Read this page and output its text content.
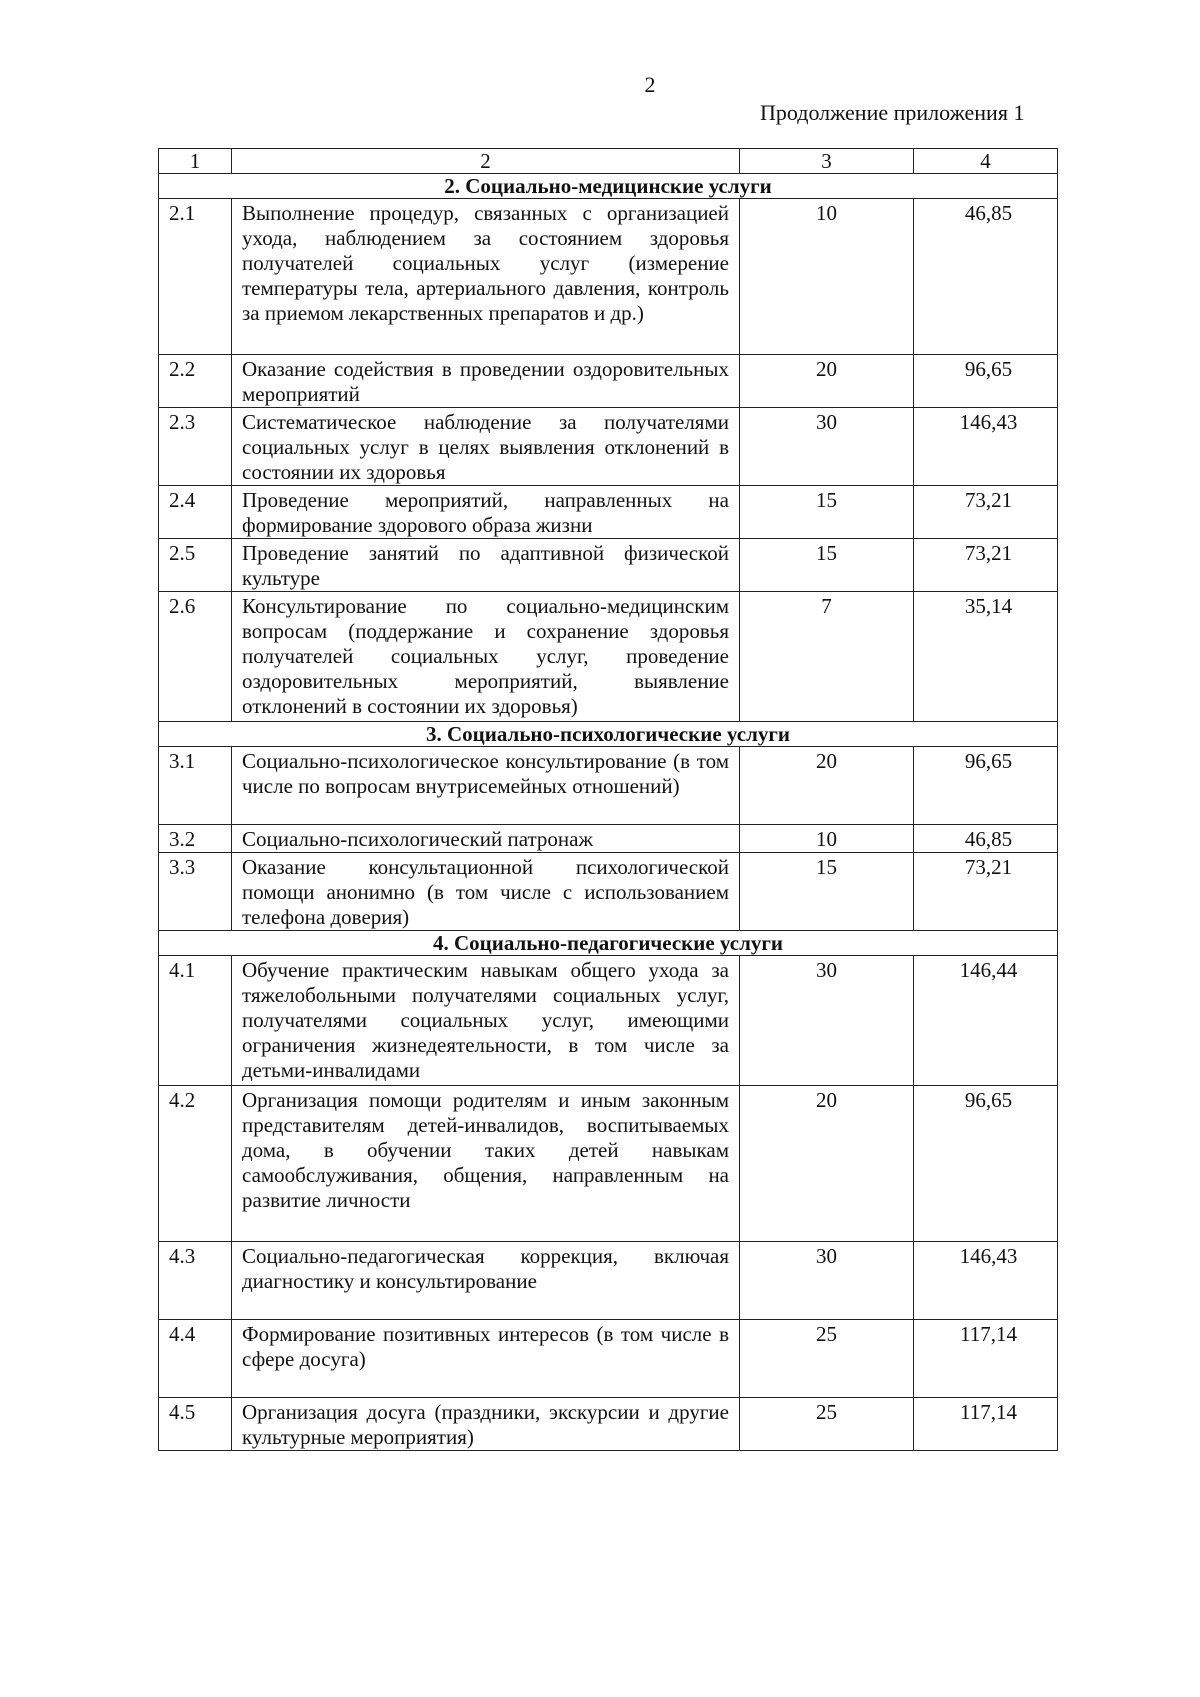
2
Продолжение приложения 1
1	2	3	4
2. Социально-медицинские услуги			
2.1	Выполнение процедур, связанных с организацией ухода, наблюдением за состоянием здоровья получателей социальных услуг (измерение температуры тела, артериального давления, контроль за приемом лекарственных препаратов и др.)	10	46,85
2.2	Оказание содействия в проведении оздоровительных мероприятий	20	96,65
2.3	Систематическое наблюдение за получателями социальных услуг в целях выявления отклонений в состоянии их здоровья	30	146,43
2.4	Проведение мероприятий, направленных на формирование здорового образа жизни	15	73,21
2.5	Проведение занятий по адаптивной физической культуре	15	73,21
2.6	Консультирование по социально-медицинским вопросам (поддержание и сохранение здоровья получателей социальных услуг, проведение оздоровительных мероприятий, выявление отклонений в состоянии их здоровья)	7	35,14
3. Социально-психологические услуги			
3.1	Социально-психологическое консультирование (в том числе по вопросам внутрисемейных отношений)	20	96,65
3.2	Социально-психологический патронаж	10	46,85
3.3	Оказание консультационной психологической помощи анонимно (в том числе с использованием телефона доверия)	15	73,21
4. Социально-педагогические услуги			
4.1	Обучение практическим навыкам общего ухода за тяжелобольными получателями социальных услуг, получателями социальных услуг, имеющими ограничения жизнедеятельности, в том числе за детьми-инвалидами	30	146,44
4.2	Организация помощи родителям и иным законным представителям детей-инвалидов, воспитываемых дома, в обучении таких детей навыкам самообслуживания, общения, направленным на развитие личности	20	96,65
4.3	Социально-педагогическая коррекция, включая диагностику и консультирование	30	146,43
4.4	Формирование позитивных интересов (в том числе в сфере досуга)	25	117,14
4.5	Организация досуга (праздники, экскурсии и другие культурные мероприятия)	25	117,14
